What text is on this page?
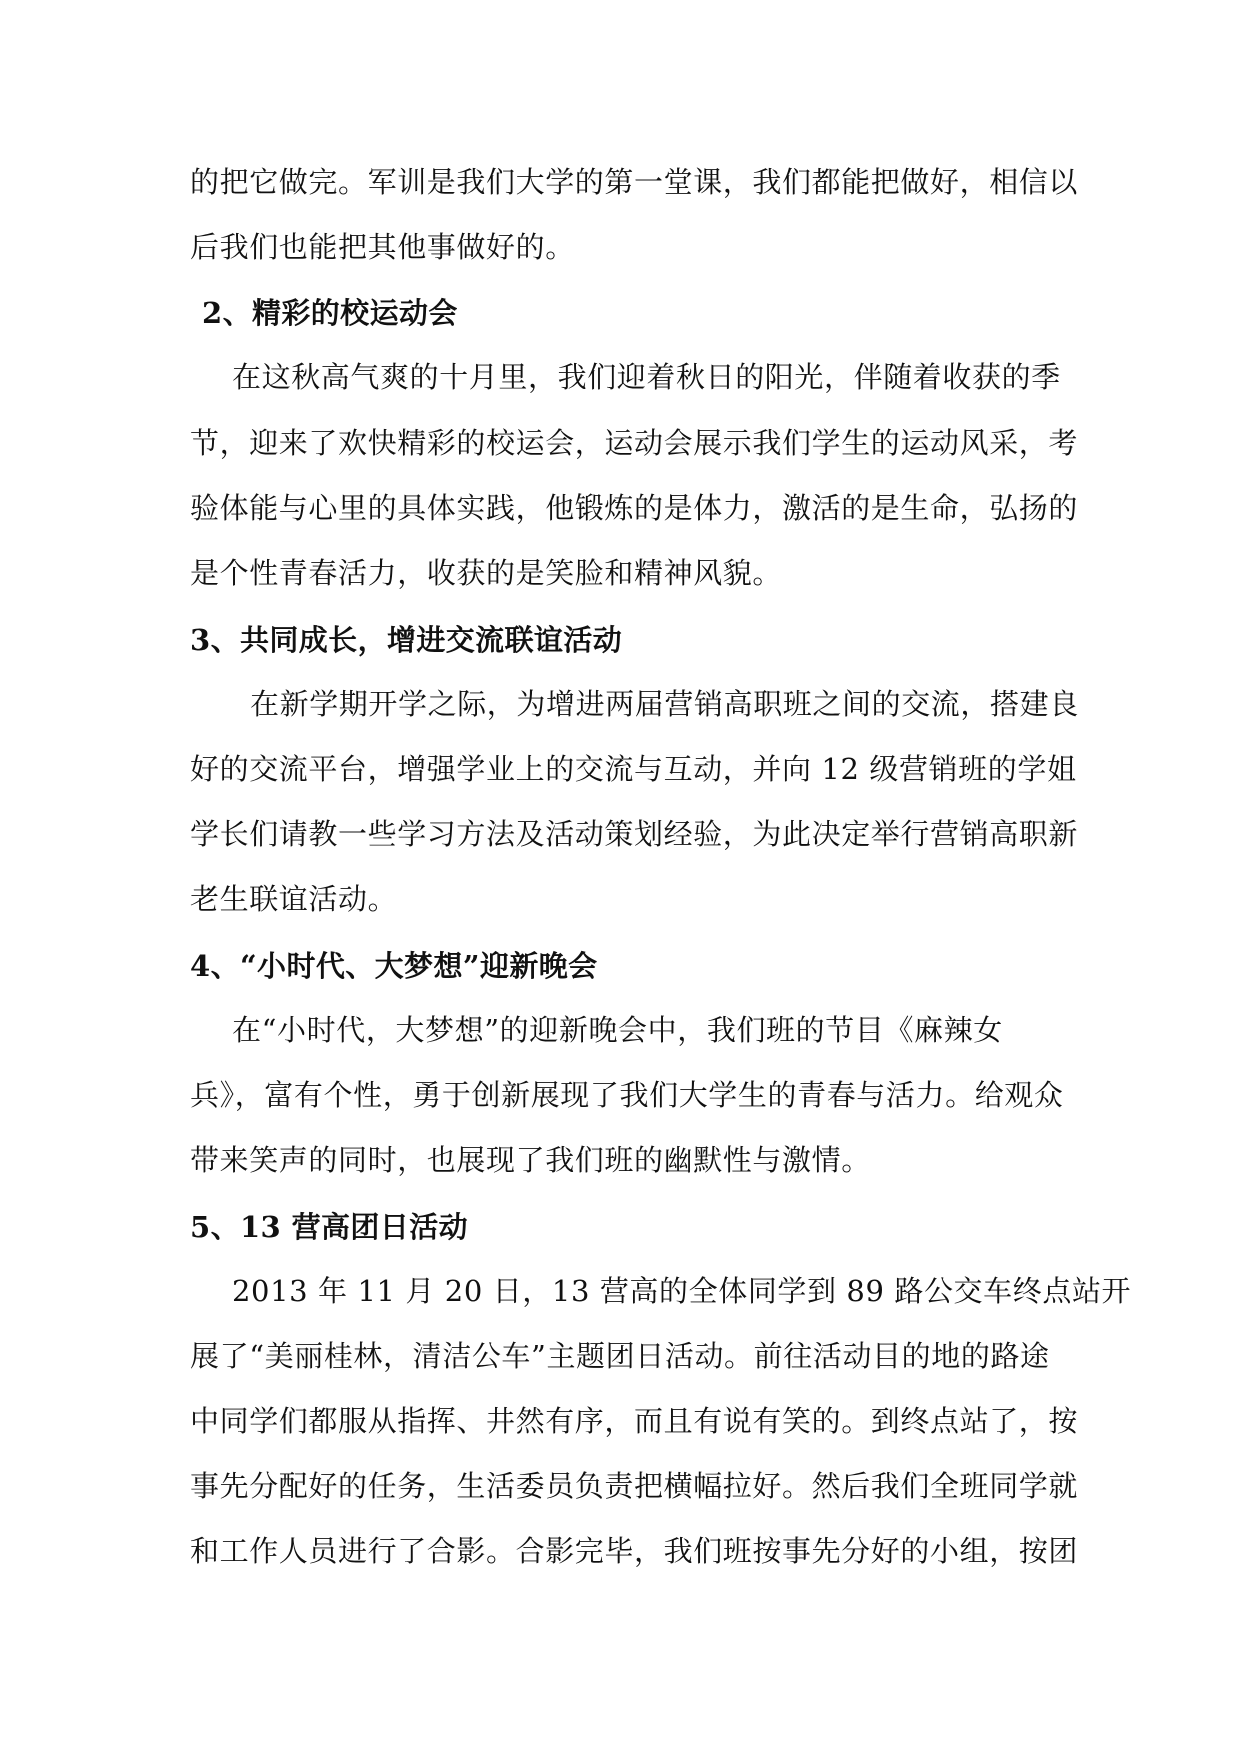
的把它做完。军训是我们大学的第一堂课，我们都能把做好，相信以
后我们也能把其他事做好的。
2、精彩的校运动会
在这秋高气爽的十月里，我们迎着秋日的阳光，伴随着收获的季
节，迎来了欢快精彩的校运会，运动会展示我们学生的运动风采，考
验体能与心里的具体实践，他锻炼的是体力，激活的是生命，弘扬的
是个性青春活力，收获的是笑脸和精神风貌。
3、共同成长，增进交流联谊活动
在新学期开学之际，为增进两届营销高职班之间的交流，搭建良
好的交流平台，增强学业上的交流与互动，并向 12 级营销班的学姐
学长们请教一些学习方法及活动策划经验，为此决定举行营销高职新
老生联谊活动。
4、“小时代、大梦想”迎新晚会
在“小时代，大梦想”的迎新晚会中，我们班的节目《麻辣女
兵》，富有个性，勇于创新展现了我们大学生的青春与活力。给观众
带来笑声的同时，也展现了我们班的幽默性与激情。
5、13 营高团日活动
2013 年 11 月 20 日，13 营高的全体同学到 89 路公交车终点站开
展了“美丽桂林，清洁公车”主题团日活动。前往活动目的地的路途
中同学们都服从指挥、井然有序，而且有说有笑的。到终点站了，按
事先分配好的任务，生活委员负责把横幅拉好。然后我们全班同学就
和工作人员进行了合影。合影完毕，我们班按事先分好的小组，按团
